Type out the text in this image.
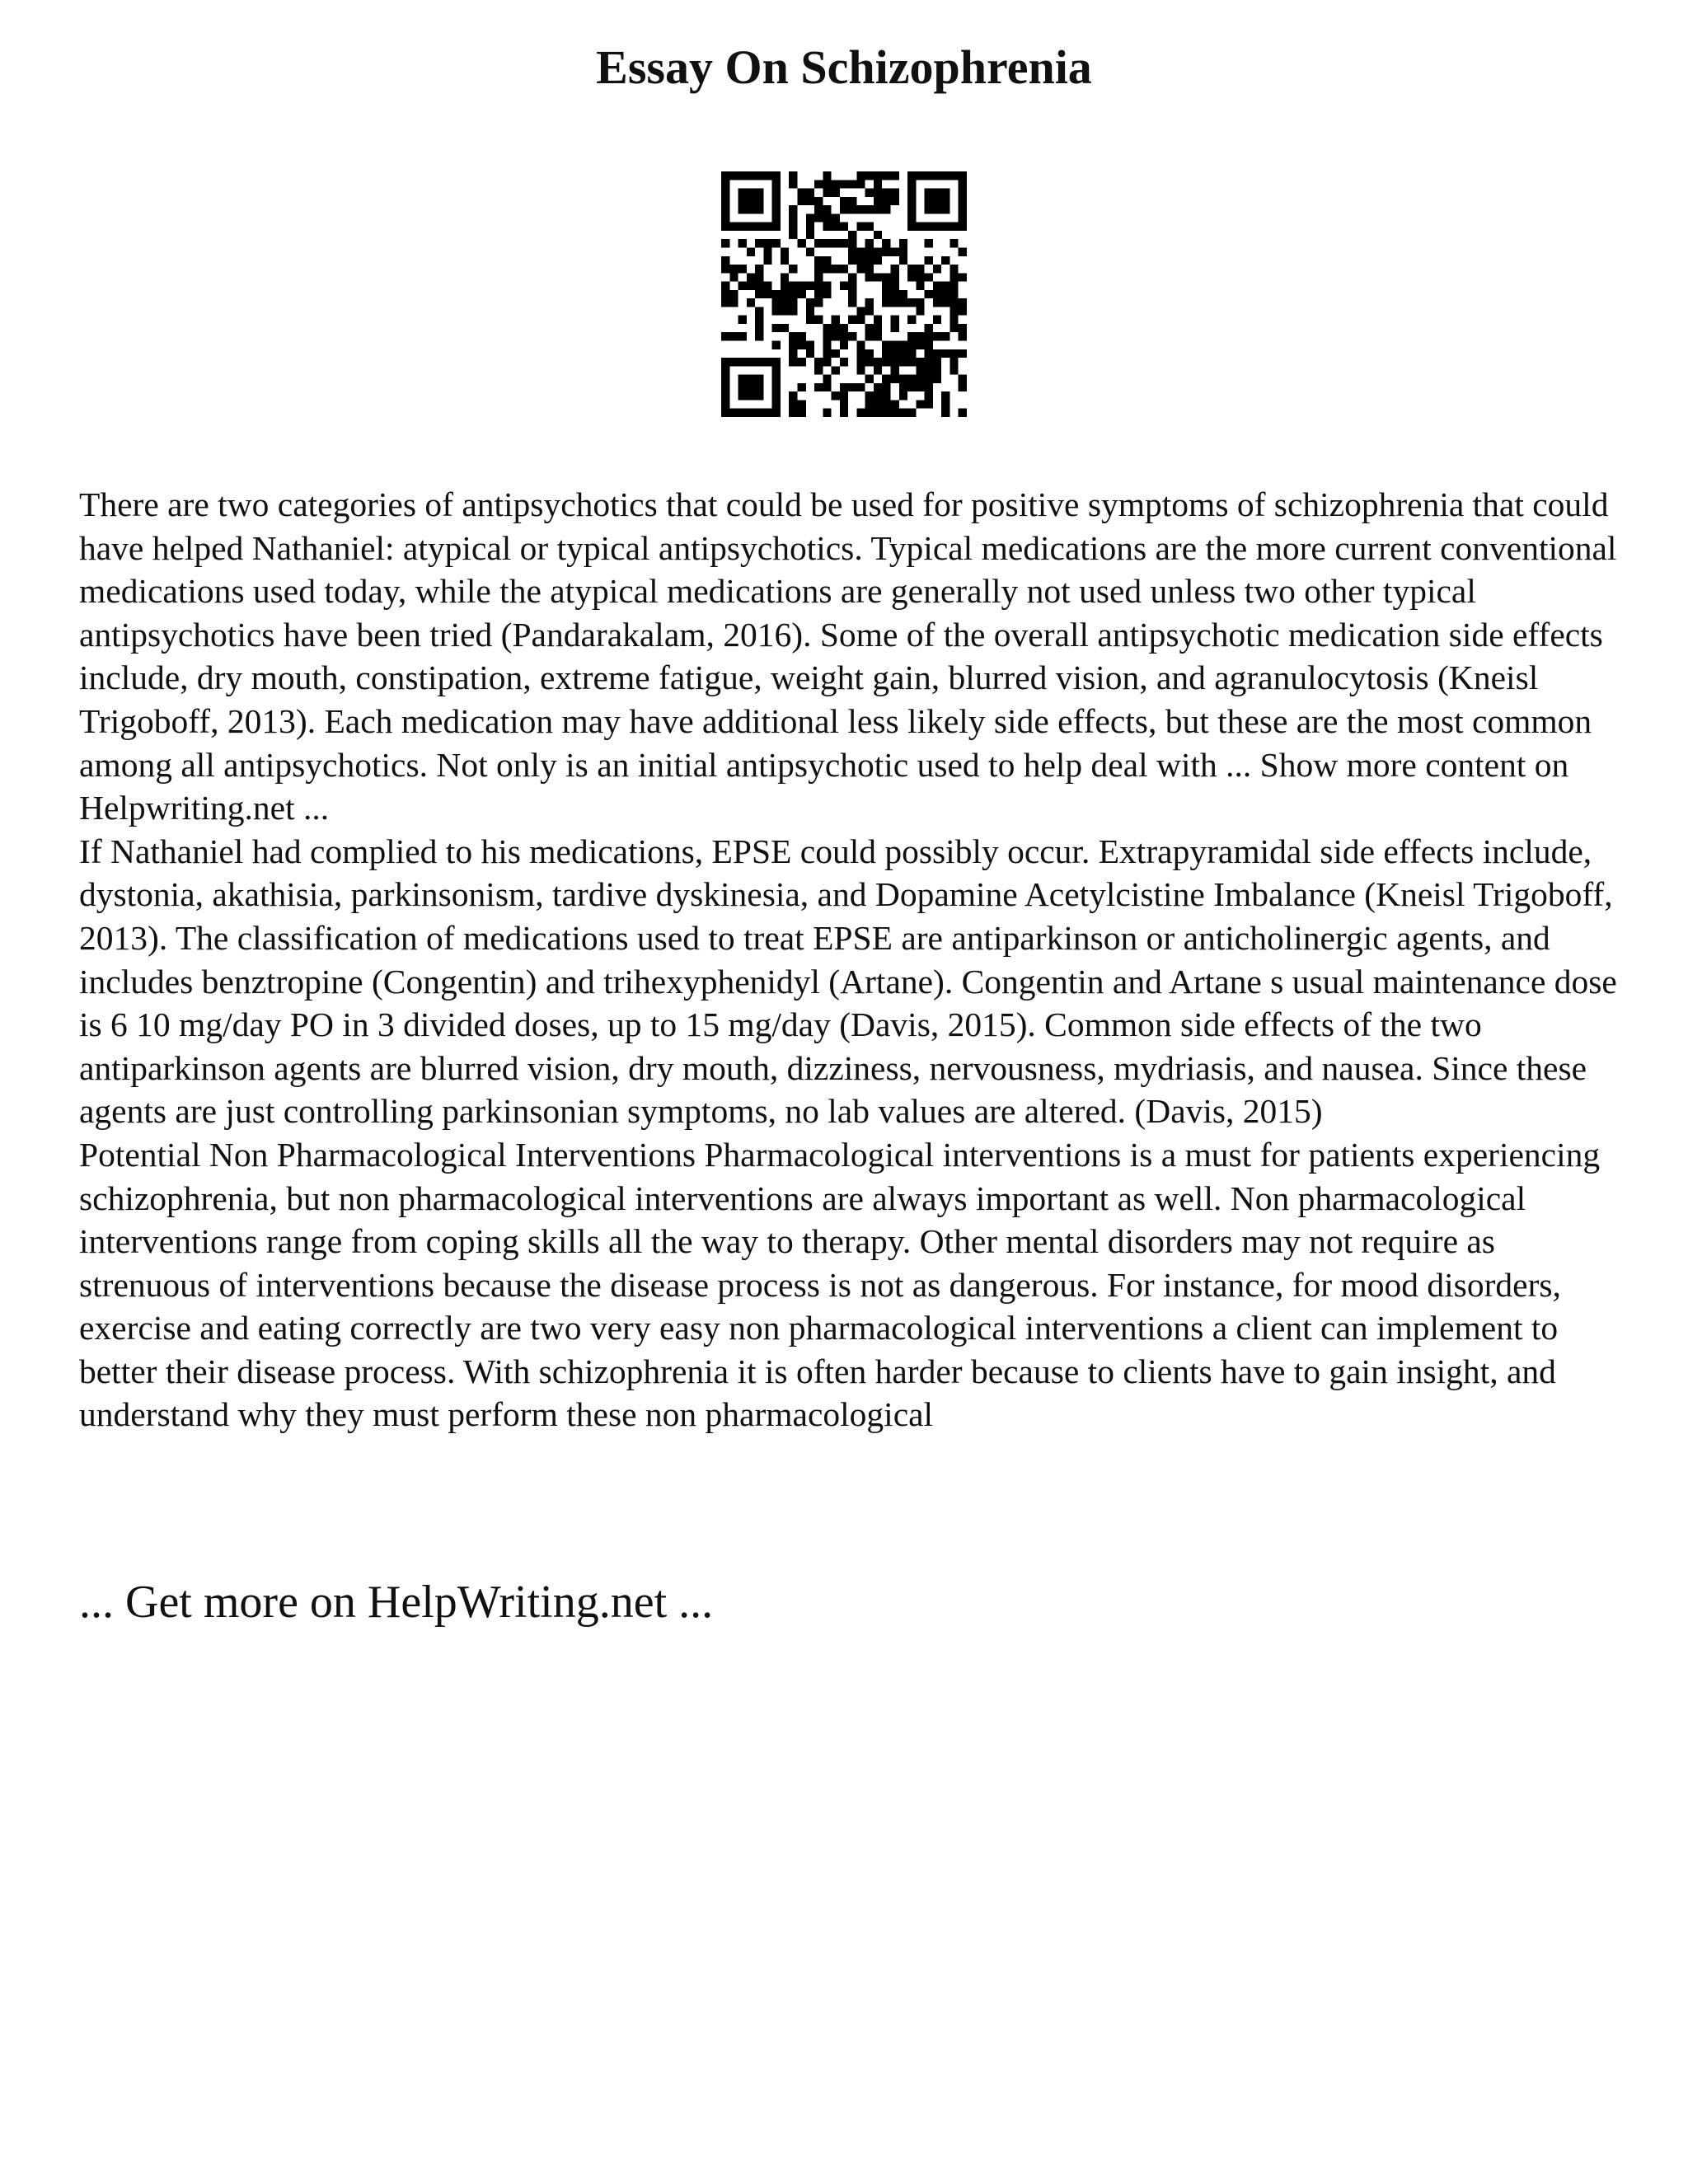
Essay On Schizophrenia

There are two categories of antipsychotics that could be used for positive symptoms of schizophrenia that could have helped Nathaniel: atypical or typical antipsychotics. Typical medications are the more current conventional medications used today, while the atypical medications are generally not used unless two other typical antipsychotics have been tried (Pandarakalam, 2016). Some of the overall antipsychotic medication side effects include, dry mouth, constipation, extreme fatigue, weight gain, blurred vision, and agranulocytosis (Kneisl Trigoboff, 2013). Each medication may have additional less likely side effects, but these are the most common among all antipsychotics. Not only is an initial antipsychotic used to help deal with ... Show more content on Helpwriting.net ...

If Nathaniel had complied to his medications, EPSE could possibly occur. Extrapyramidal side effects include, dystonia, akathisia, parkinsonism, tardive dyskinesia, and Dopamine Acetylcistine Imbalance (Kneisl Trigoboff, 2013). The classification of medications used to treat EPSE are antiparkinson or anticholinergic agents, and includes benztropine (Congentin) and trihexyphenidyl (Artane). Congentin and Artane s usual maintenance dose is 6 10 mg/day PO in 3 divided doses, up to 15 mg/day (Davis, 2015). Common side effects of the two antiparkinson agents are blurred vision, dry mouth, dizziness, nervousness, mydriasis, and nausea. Since these agents are just controlling parkinsonian symptoms, no lab values are altered. (Davis, 2015)

Potential Non Pharmacological Interventions Pharmacological interventions is a must for patients experiencing schizophrenia, but non pharmacological interventions are always important as well. Non pharmacological interventions range from coping skills all the way to therapy. Other mental disorders may not require as strenuous of interventions because the disease process is not as dangerous. For instance, for mood disorders, exercise and eating correctly are two very easy non pharmacological interventions a client can implement to better their disease process. With schizophrenia it is often harder because to clients have to gain insight, and understand why they must perform these non pharmacological

... Get more on HelpWriting.net ...
